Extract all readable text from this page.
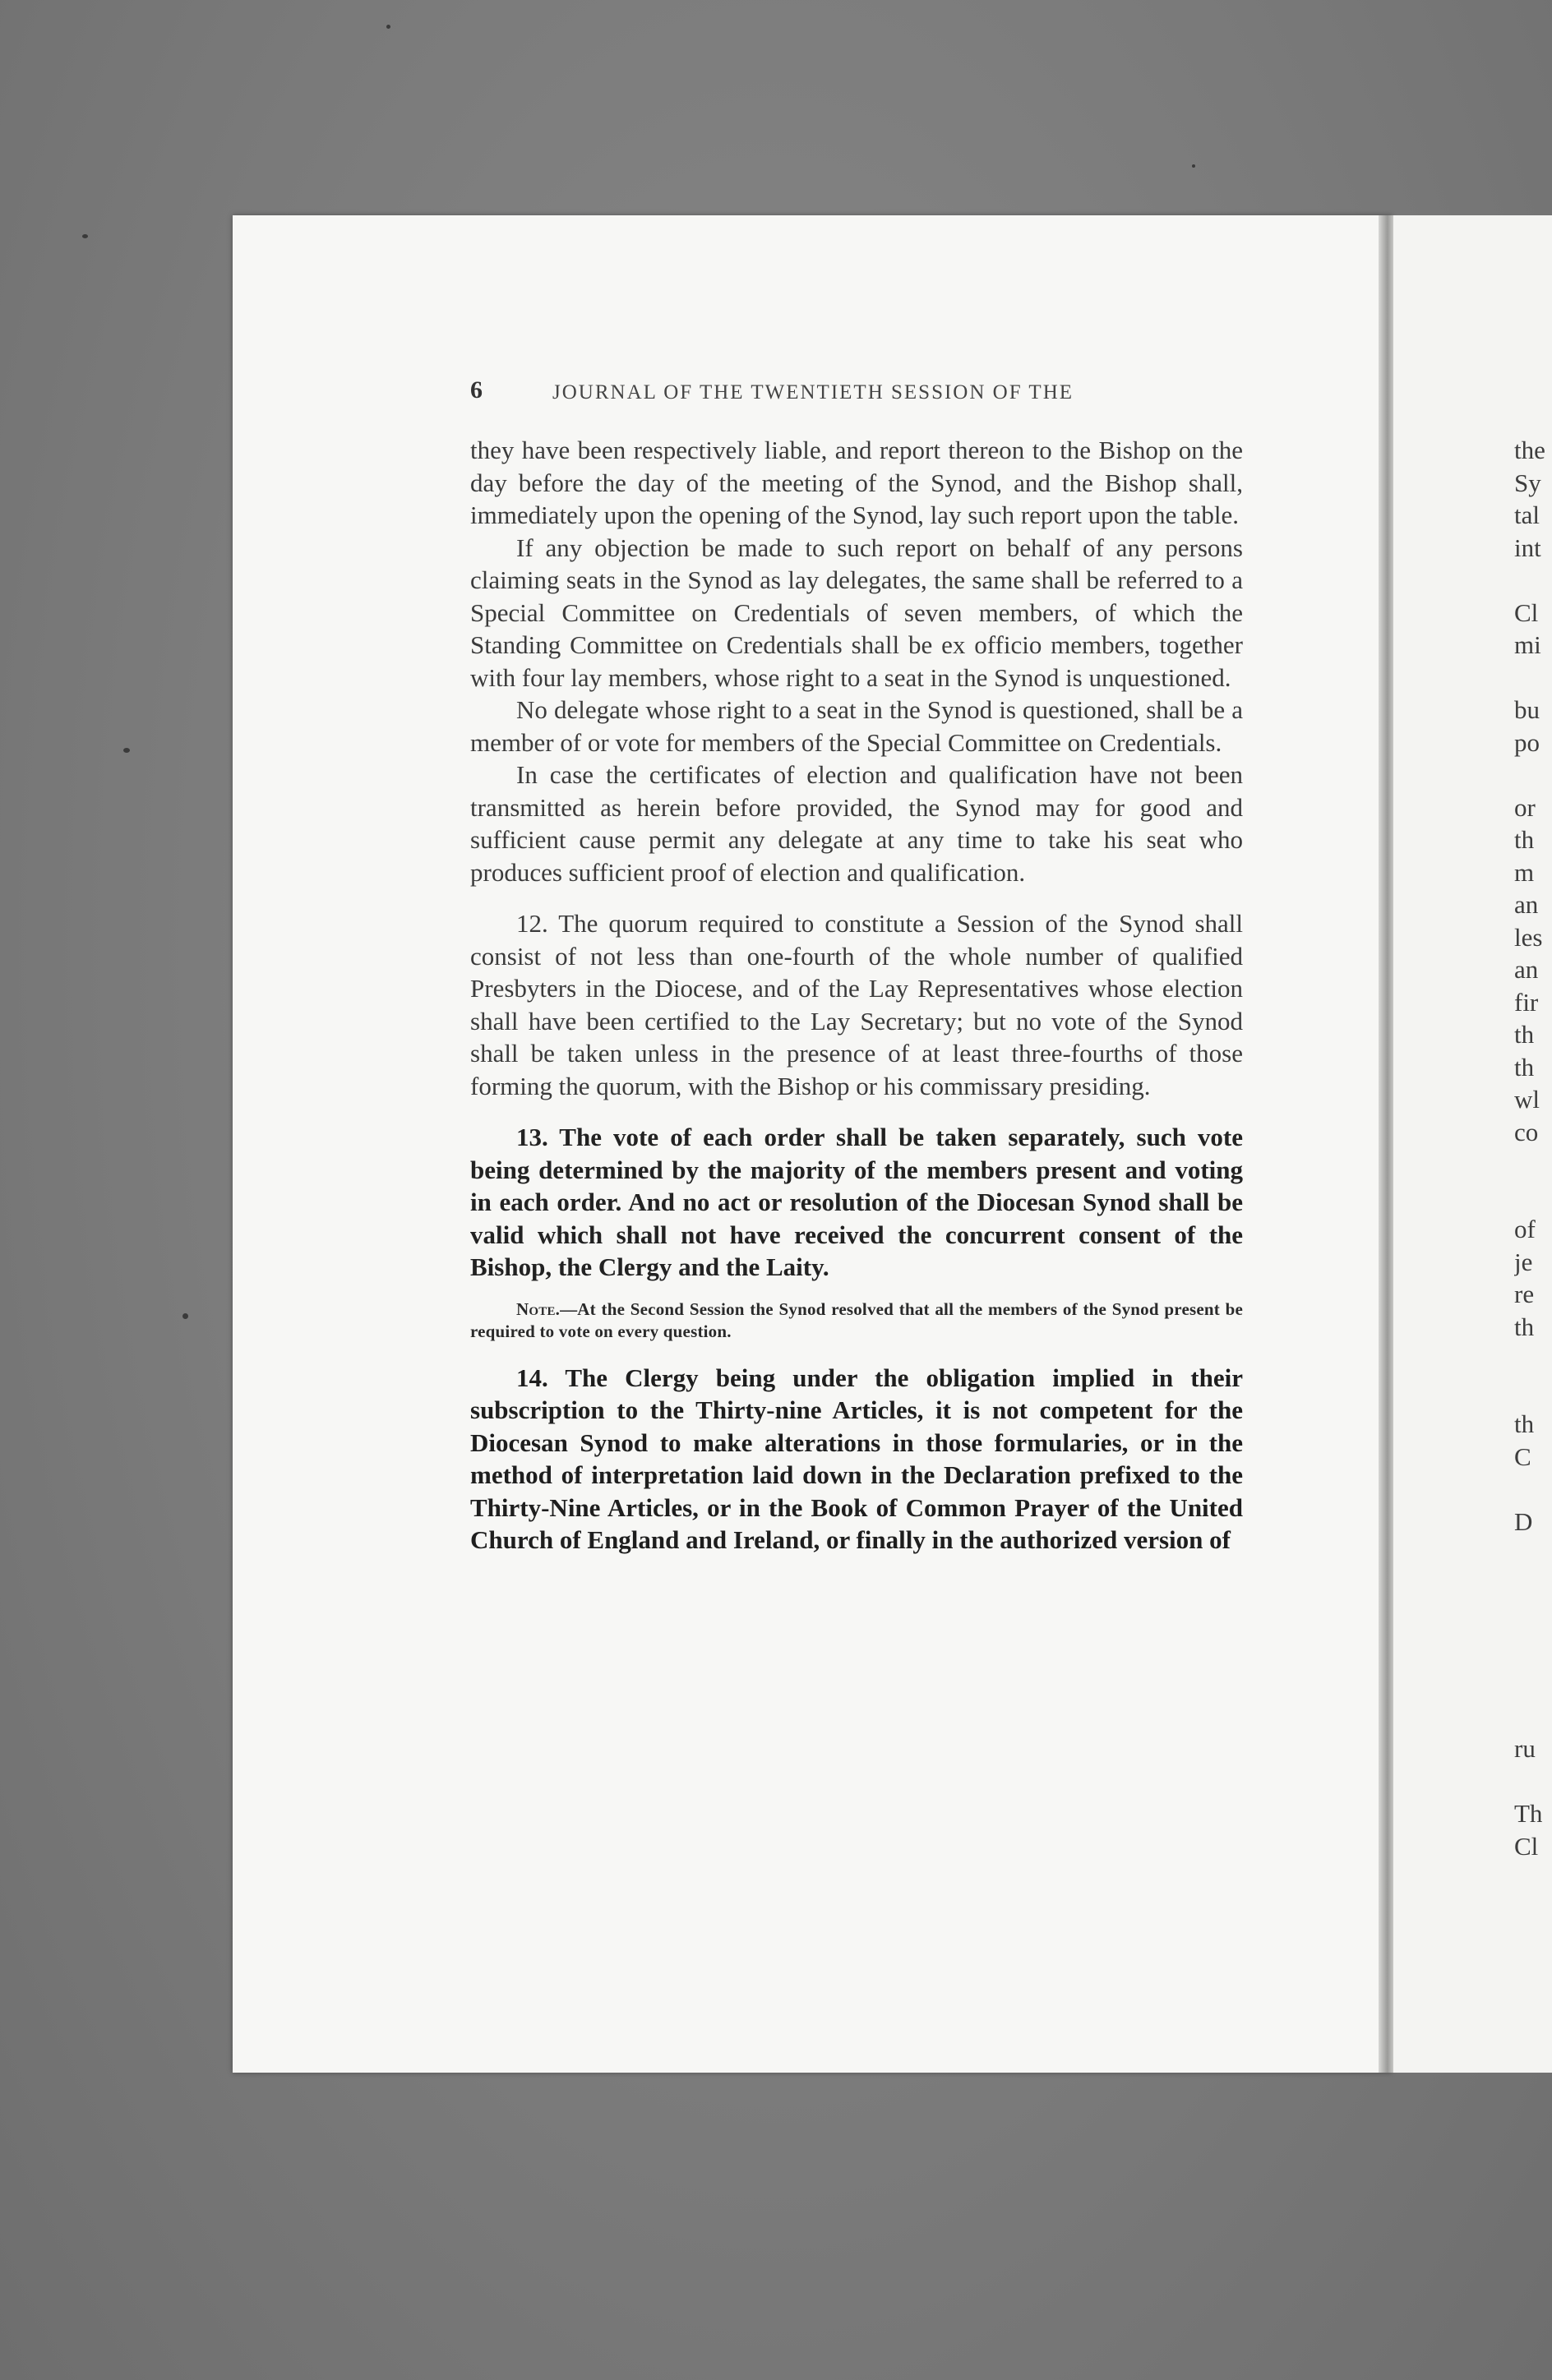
6	JOURNAL OF THE TWENTIETH SESSION OF THE

they have been respectively liable, and report thereon to the Bishop on the day before the day of the meeting of the Synod, and the Bishop shall, immediately upon the opening of the Synod, lay such report upon the table.

If any objection be made to such report on behalf of any persons claiming seats in the Synod as lay delegates, the same shall be referred to a Special Committee on Credentials of seven members, of which the Standing Committee on Credentials shall be ex officio members, together with four lay members, whose right to a seat in the Synod is unquestioned.

No delegate whose right to a seat in the Synod is questioned, shall be a member of or vote for members of the Special Committee on Credentials.

In case the certificates of election and qualification have not been transmitted as herein before provided, the Synod may for good and sufficient cause permit any delegate at any time to take his seat who produces sufficient proof of election and qualification.

12. The quorum required to constitute a Session of the Synod shall consist of not less than one-fourth of the whole number of qualified Presbyters in the Diocese, and of the Lay Representatives whose election shall have been certified to the Lay Secretary; but no vote of the Synod shall be taken unless in the presence of at least three-fourths of those forming the quorum, with the Bishop or his commissary presiding.

13. The vote of each order shall be taken separately, such vote being determined by the majority of the members present and voting in each order. And no act or resolution of the Diocesan Synod shall be valid which shall not have received the concurrent consent of the Bishop, the Clergy and the Laity.

Note.—At the Second Session the Synod resolved that all the members of the Synod present be required to vote on every question.

14. The Clergy being under the obligation implied in their subscription to the Thirty-nine Articles, it is not competent for the Diocesan Synod to make alterations in those formularies, or in the method of interpretation laid down in the Declaration prefixed to the Thirty-Nine Articles, or in the Book of Common Prayer of the United Church of England and Ireland, or finally in the authorized version of

the
Sy
tal
int
Cl
mi
bu
po
or
th
m
an
les
an
fir
th
th
wl
co
of
je
re
th
th
C
D
ru
Th
Cl
